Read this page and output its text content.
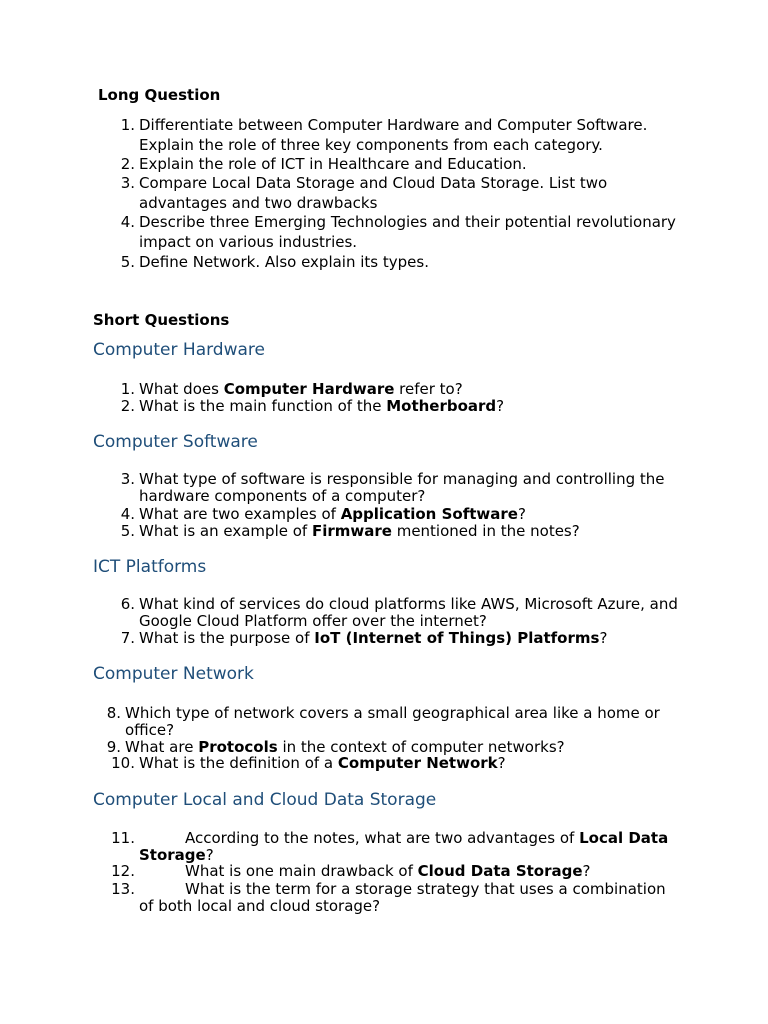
Long Question
1. Differentiate between Computer Hardware and Computer Software. Explain the role of three key components from each category.
2. Explain the role of ICT in Healthcare and Education.
3. Compare Local Data Storage and Cloud Data Storage. List two advantages and two drawbacks
4. Describe three Emerging Technologies and their potential revolutionary impact on various industries.
5. Define Network. Also explain its types.
Short Questions
Computer Hardware
1. What does Computer Hardware refer to?
2. What is the main function of the Motherboard?
Computer Software
3. What type of software is responsible for managing and controlling the hardware components of a computer?
4. What are two examples of Application Software?
5. What is an example of Firmware mentioned in the notes?
ICT Platforms
6. What kind of services do cloud platforms like AWS, Microsoft Azure, and Google Cloud Platform offer over the internet?
7. What is the purpose of IoT (Internet of Things) Platforms?
Computer Network
8. Which type of network covers a small geographical area like a home or office?
9. What are Protocols in the context of computer networks?
10. What is the definition of a Computer Network?
Computer Local and Cloud Data Storage
11.	According to the notes, what are two advantages of Local Data Storage?
12.	What is one main drawback of Cloud Data Storage?
13.	What is the term for a storage strategy that uses a combination of both local and cloud storage?
